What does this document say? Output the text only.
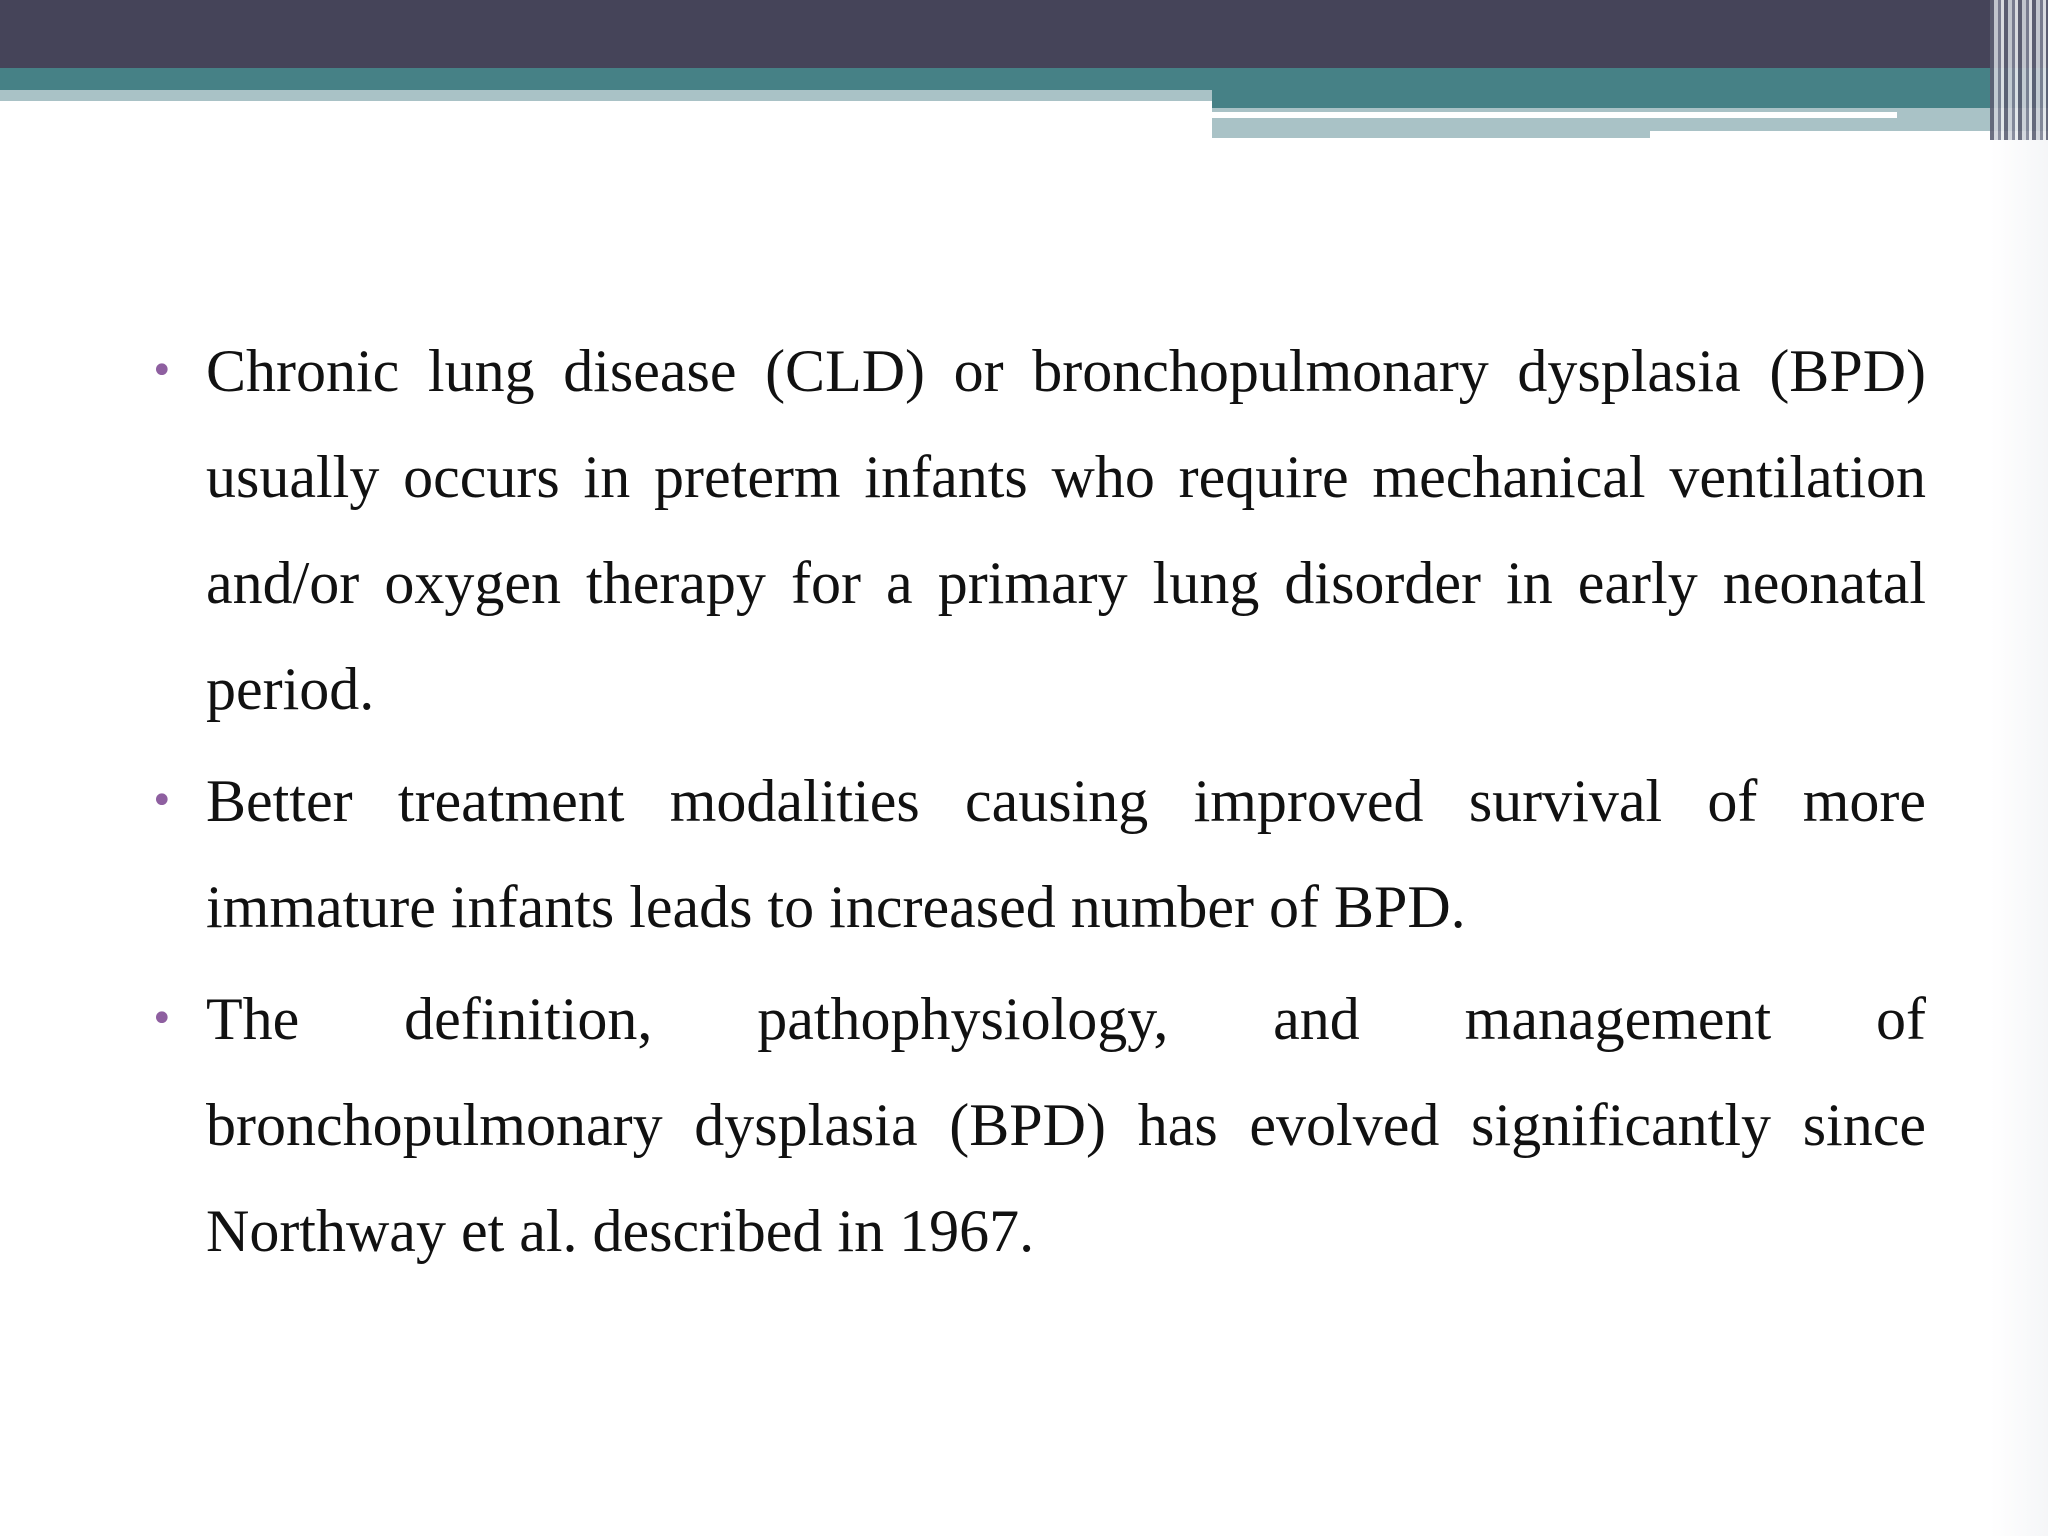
• Chronic lung disease (CLD) or bronchopulmonary dysplasia (BPD) usually occurs in preterm infants who require mechanical ventilation and/or oxygen therapy for a primary lung disorder in early neonatal period.
• Better treatment modalities causing improved survival of more immature infants leads to increased number of BPD.
• The definition, pathophysiology, and management of bronchopulmonary dysplasia (BPD) has evolved significantly since Northway et al. described in 1967.
